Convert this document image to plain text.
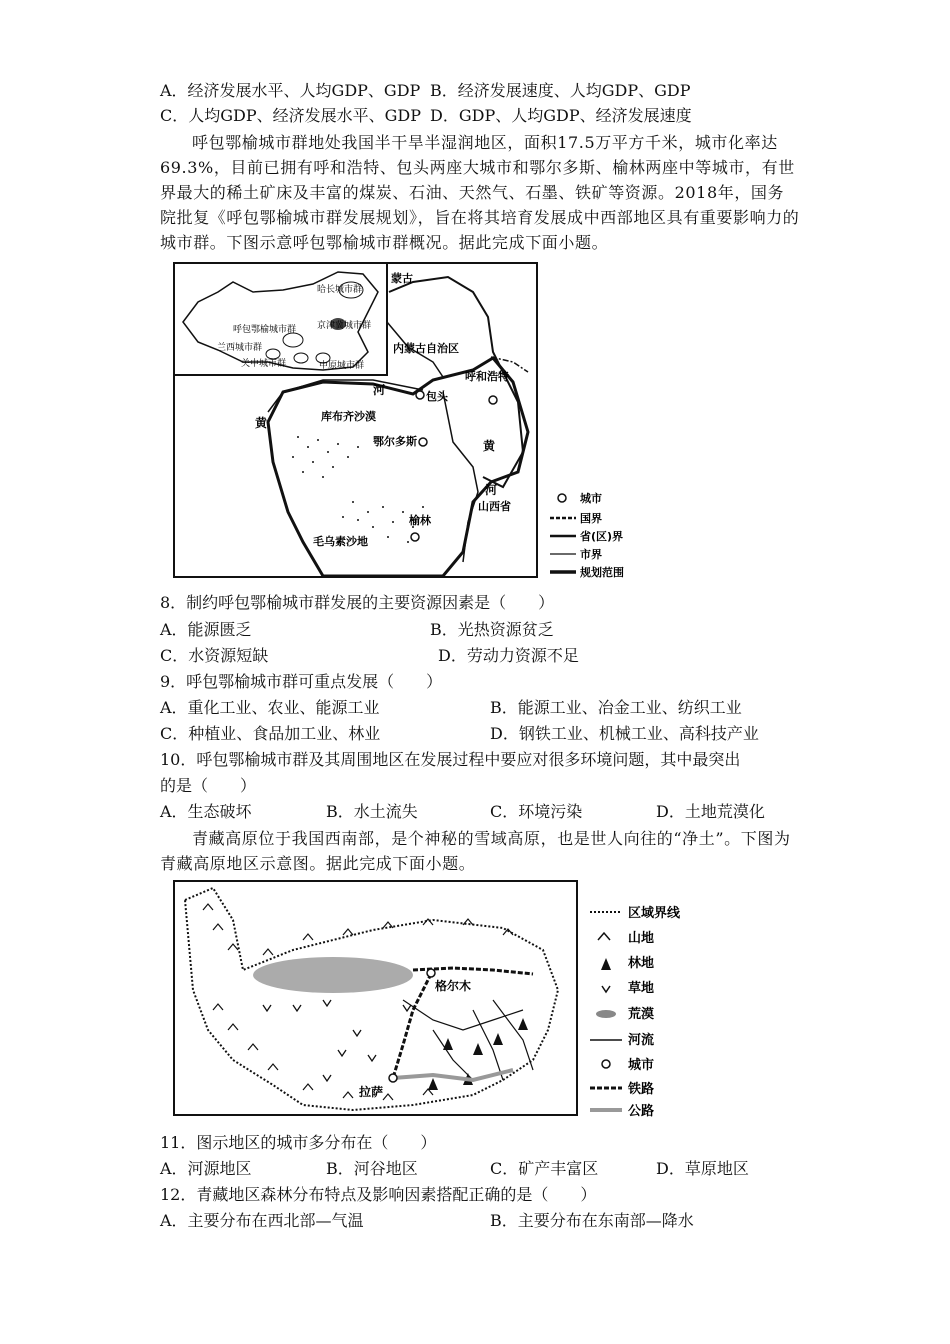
A．经济发展水平、人均GDP、GDP B．经济发展速度、人均GDP、GDP
C．人均GDP、经济发展水平、GDP D．GDP、人均GDP、经济发展速度
呼包鄂榆城市群地处我国半干旱半湿润地区，面积17.5万平方千米，城市化率达69.3%，目前已拥有呼和浩特、包头两座大城市和鄂尔多斯、榆林两座中等城市，有世界最大的稀土矿床及丰富的煤炭、石油、天然气、石墨、铁矿等资源。2018年，国务院批复《呼包鄂榆城市群发展规划》，旨在将其培育发展成中西部地区具有重要影响力的城市群。下图示意呼包鄂榆城市群概况。据此完成下面小题。
哈长城市群
呼包鄂榆城市群 京津冀城市群
兰西城市群
关中城市群	中原城市群
蒙古
内蒙古自治区
山西省
呼和浩特
包头
鄂尔多斯
榆林
库布齐沙漠
毛乌素沙地
黄
河
黄
河
城市
国界
省(区)界
市界
规划范围
8．制约呼包鄂榆城市群发展的主要资源因素是（　　）
A．能源匮乏	B．光热资源贫乏
C．水资源短缺	D．劳动力资源不足
9．呼包鄂榆城市群可重点发展（　　）
A．重化工业、农业、能源工业	B．能源工业、冶金工业、纺织工业
C．种植业、食品加工业、林业	D．钢铁工业、机械工业、高科技产业
10．呼包鄂榆城市群及其周围地区在发展过程中要应对很多环境问题，其中最突出
的是（　　）
A．生态破坏	B．水土流失	C．环境污染	D．土地荒漠化
青藏高原位于我国西南部，是个神秘的雪域高原，也是世人向往的“净土”。下图为青藏高原地区示意图。据此完成下面小题。
格尔木
拉萨
区域界线
山地
林地
草地
荒漠
河流
城市
铁路
公路
11．图示地区的城市多分布在（　　）
A．河源地区	B．河谷地区	C．矿产丰富区	D．草原地区
12．青藏地区森林分布特点及影响因素搭配正确的是（　　）
A．主要分布在西北部—气温	B．主要分布在东南部—降水
